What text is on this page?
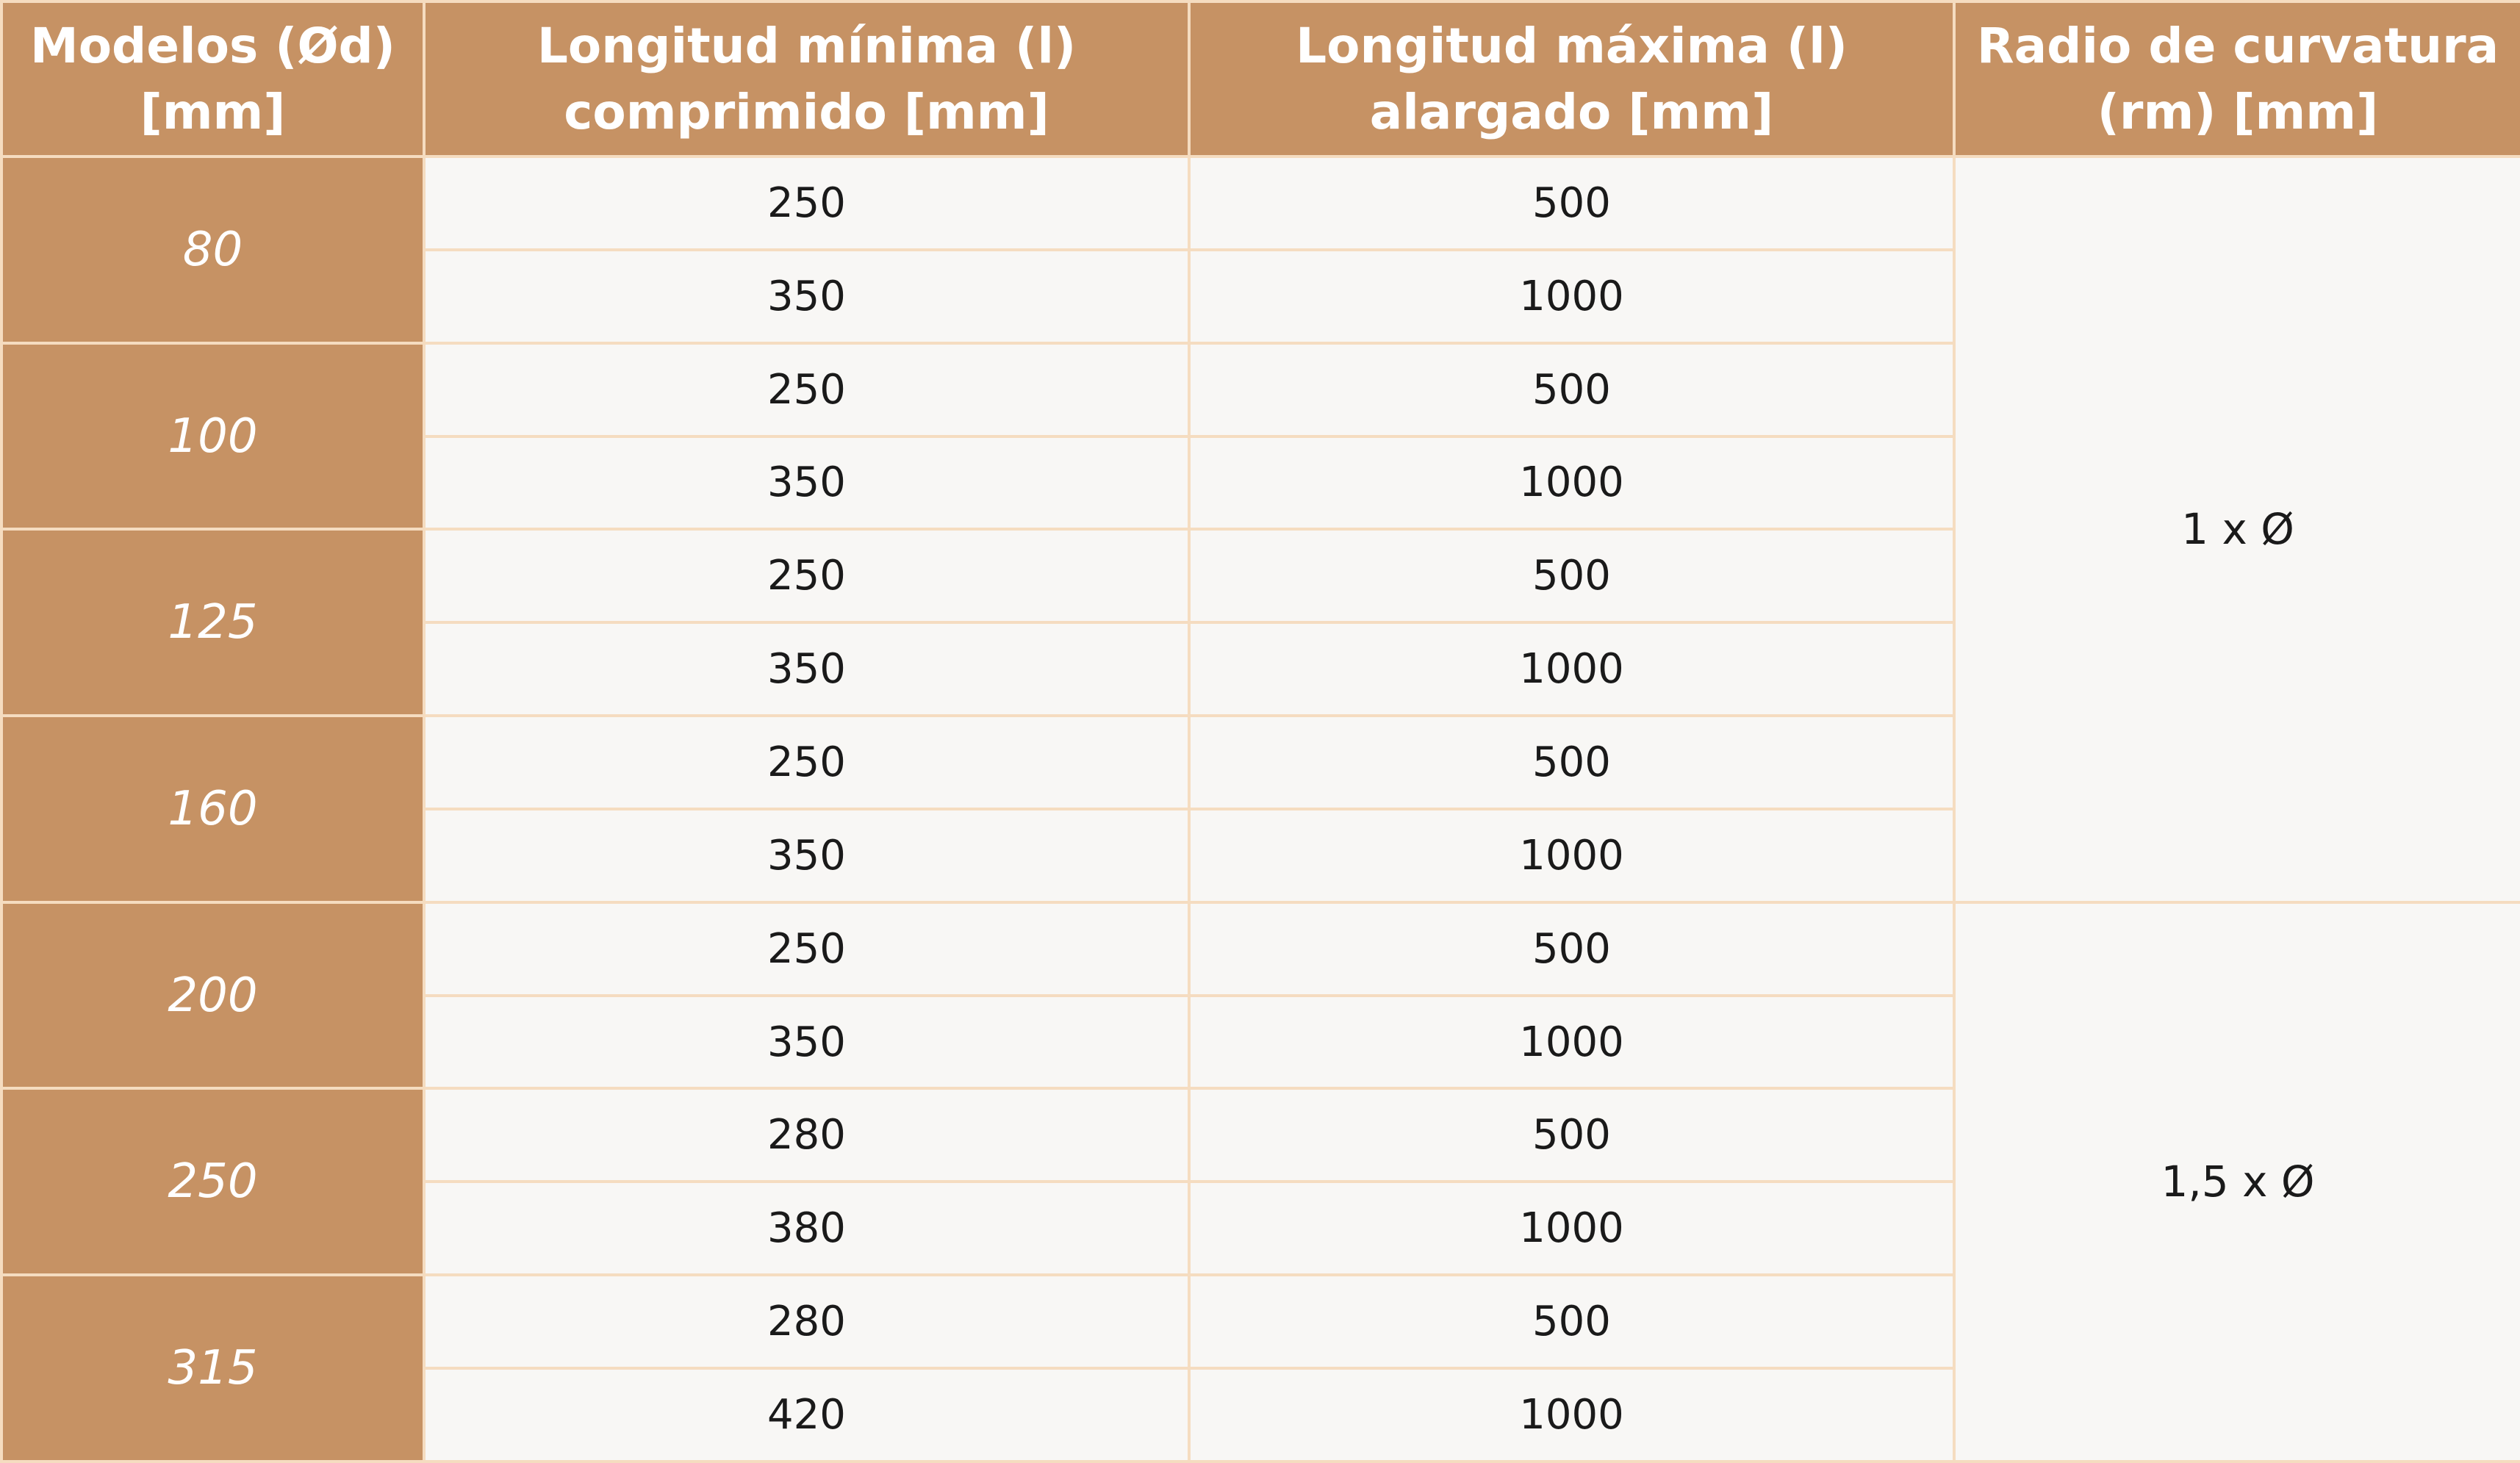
Modelos (Ød) [mm]	Longitud mínima (l) comprimido [mm]	Longitud máxima (l) alargado [mm]	Radio de curvatura (rm) [mm]
80	250	500	1 x Ø
	350	1000	
100	250	500	
	350	1000	
125	250	500	
	350	1000	
160	250	500	
	350	1000	
200	250	500	1,5 x Ø
	350	1000	
250	280	500	
	380	1000	
315	280	500	
	420	1000	
